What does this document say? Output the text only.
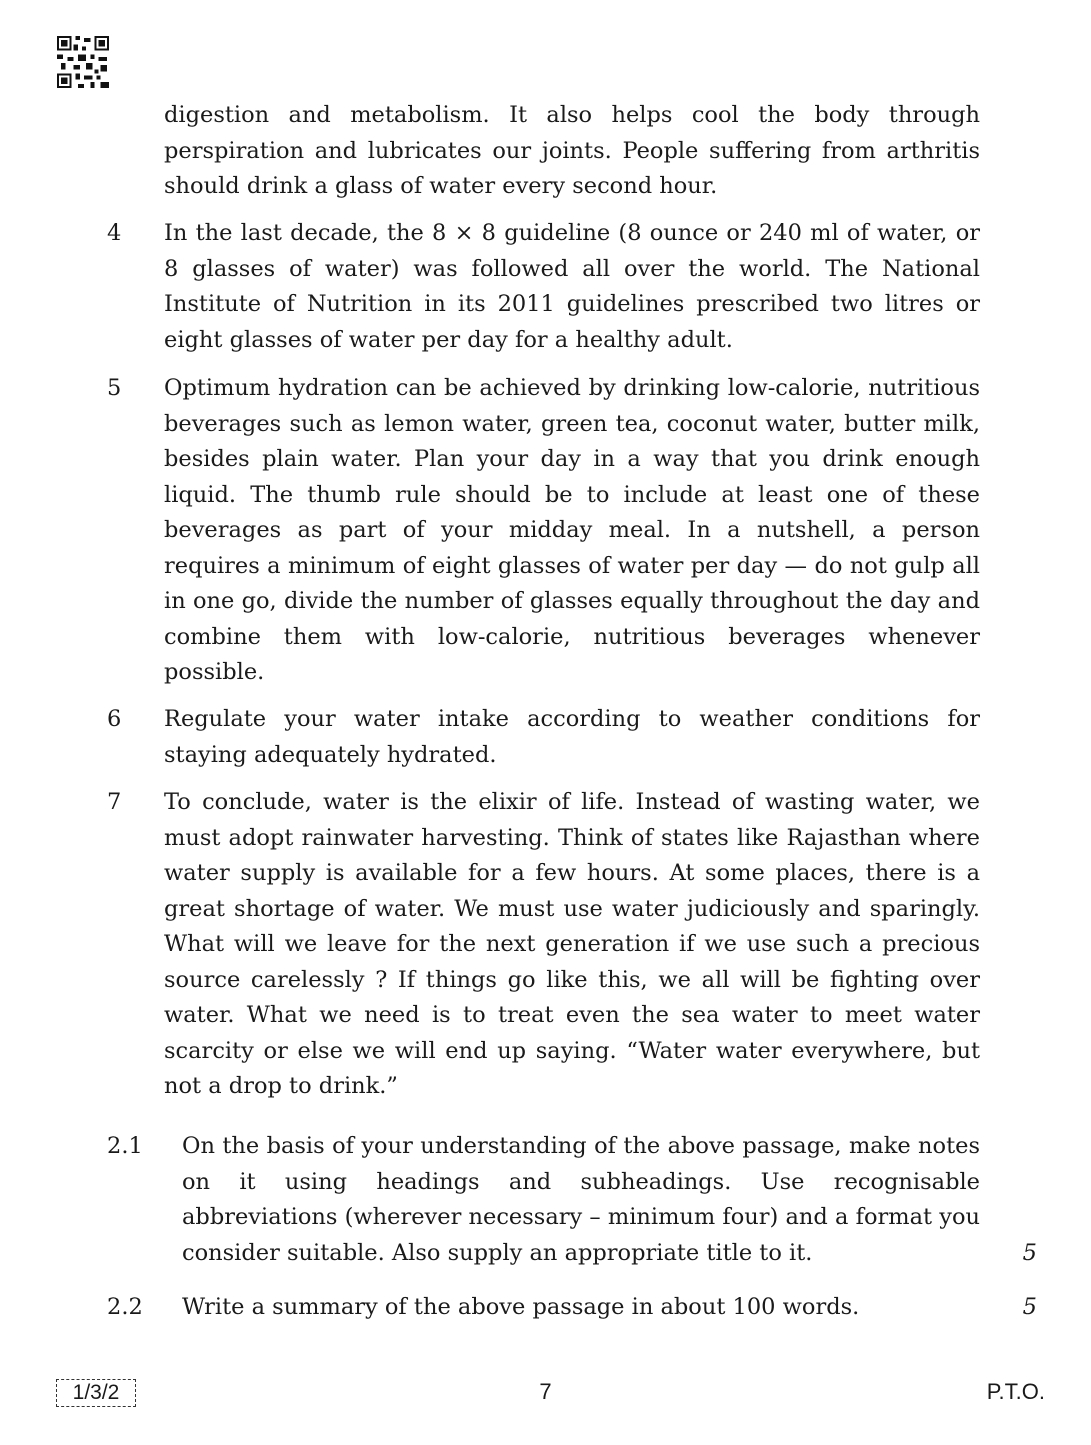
digestion and metabolism. It also helps cool the body through perspiration and lubricates our joints. People suffering from arthritis should drink a glass of water every second hour.
4 In the last decade, the 8 × 8 guideline (8 ounce or 240 ml of water, or 8 glasses of water) was followed all over the world. The National Institute of Nutrition in its 2011 guidelines prescribed two litres or eight glasses of water per day for a healthy adult.
5 Optimum hydration can be achieved by drinking low-calorie, nutritious beverages such as lemon water, green tea, coconut water, butter milk, besides plain water. Plan your day in a way that you drink enough liquid. The thumb rule should be to include at least one of these beverages as part of your midday meal. In a nutshell, a person requires a minimum of eight glasses of water per day — do not gulp all in one go, divide the number of glasses equally throughout the day and combine them with low-calorie, nutritious beverages whenever possible.
6 Regulate your water intake according to weather conditions for staying adequately hydrated.
7 To conclude, water is the elixir of life. Instead of wasting water, we must adopt rainwater harvesting. Think of states like Rajasthan where water supply is available for a few hours. At some places, there is a great shortage of water. We must use water judiciously and sparingly. What will we leave for the next generation if we use such a precious source carelessly ? If things go like this, we all will be fighting over water. What we need is to treat even the sea water to meet water scarcity or else we will end up saying. “Water water everywhere, but not a drop to drink.”
2.1 On the basis of your understanding of the above passage, make notes on it using headings and subheadings. Use recognisable abbreviations (wherever necessary – minimum four) and a format you consider suitable. Also supply an appropriate title to it.	5
2.2 Write a summary of the above passage in about 100 words.	5
1/3/2	7	P.T.O.
